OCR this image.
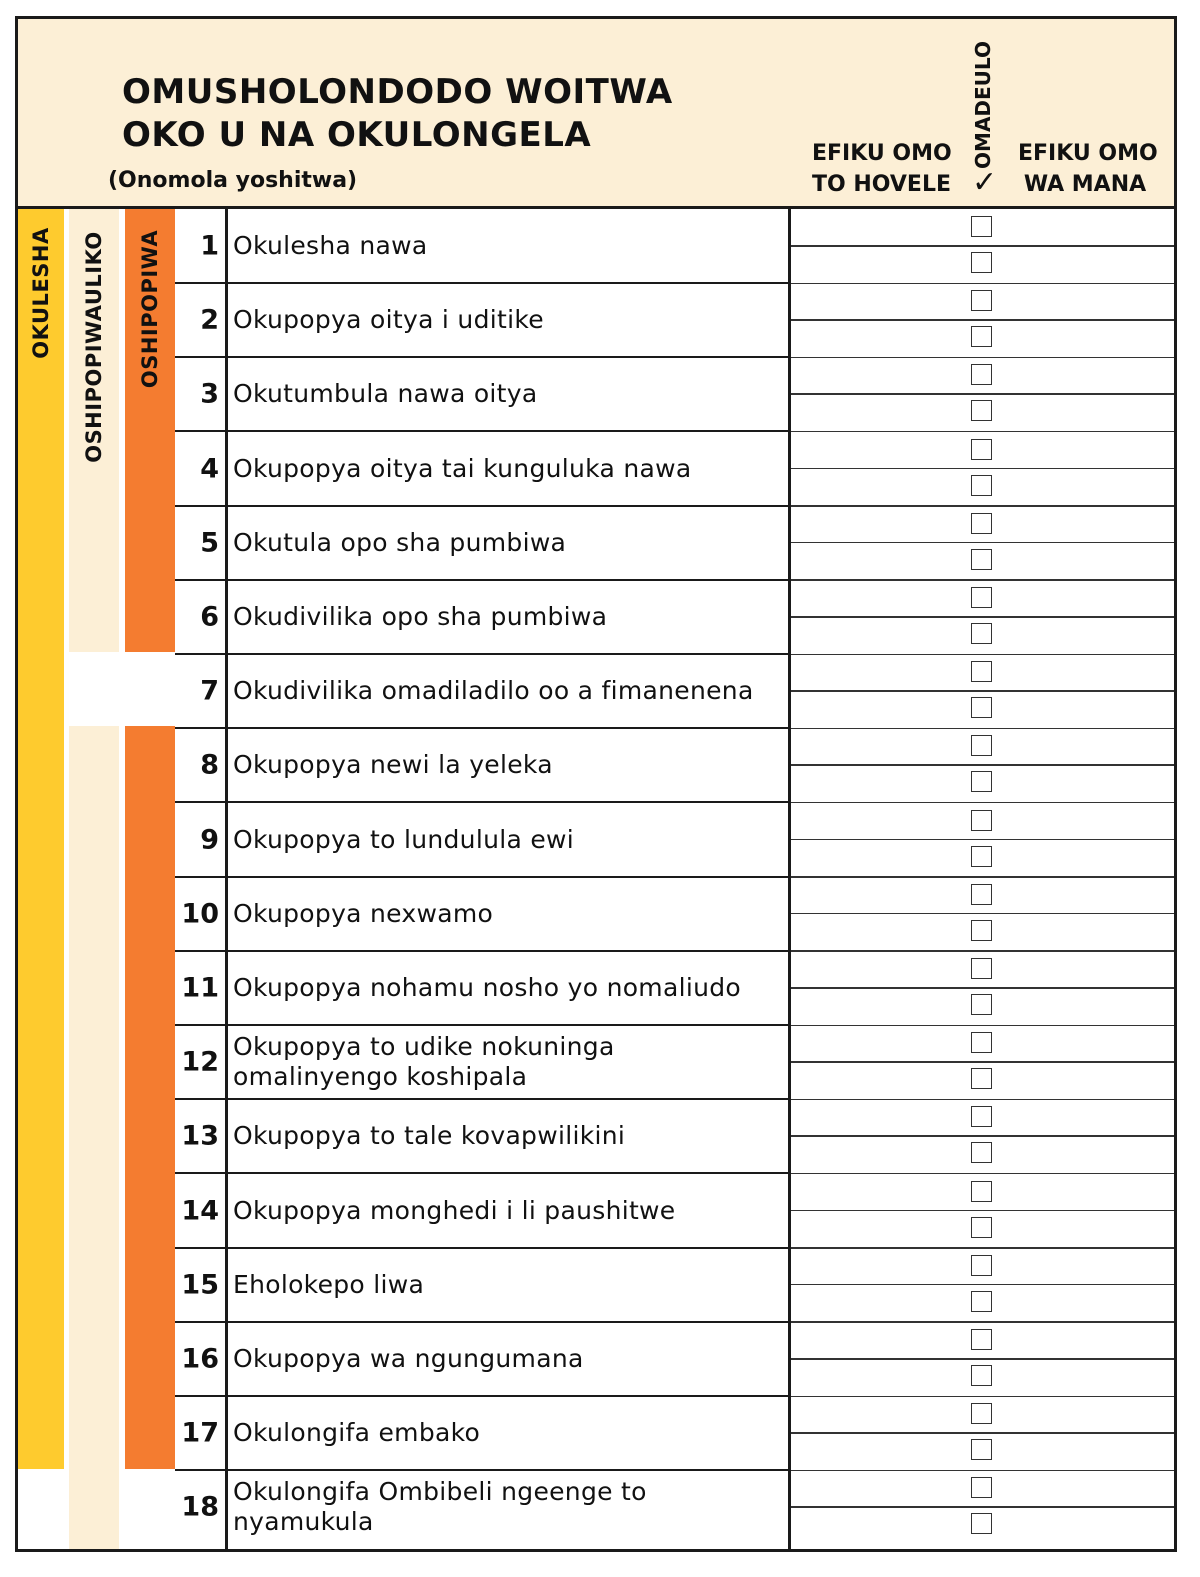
OMUSHOLONDODO WOITWA
OKO U NA OKULONGELA
(Onomola yoshitwa)
EFIKU OMO
TO HOVELE
OMADEULO
✓
EFIKU OMO
WA MANA
OKULESHA OSHIPOPIWAULIKO OSHIPOPIWA	1 Okulesha nawa
2 Okupopya oitya i uditike
3 Okutumbula nawa oitya
4 Okupopya oitya tai kunguluka nawa
5 Okutula opo sha pumbiwa
6 Okudivilika opo sha pumbiwa
7 Okudivilika omadiladilo oo a fimanenena
8 Okupopya newi la yeleka
9 Okupopya to lundulula ewi
10 Okupopya nexwamo
11 Okupopya nohamu nosho yo nomaliudo
12 Okupopya to udike nokuninga omalinyengo koshipala
13 Okupopya to tale kovapwilikini
14 Okupopya monghedi i li paushitwe
15 Eholokepo liwa
16 Okupopya wa ngungumana
17 Okulongifa embako
18 Okulongifa Ombibeli ngeenge to nyamukula
